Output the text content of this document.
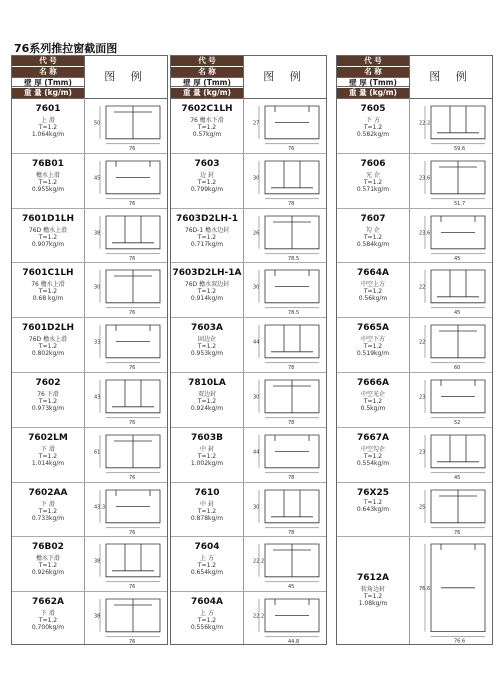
76系列推拉窗截面图
代 号
名 称
壁 厚 (Tmm)
重 量 (kg/m)
图 例
7601
上 滑
T=1.2
1.064kg/m
50
76
76B01
檐水上滑
T=1.2
0.955kg/m
45
76
7601D1LH
76D 檐水上滑
T=1.2
0.907kg/m
38
76
7601C1LH
76 檐水上滑
T=1.2
0.68 kg/m
30
76
7601D2LH
76D 檐水上滑
T=1.2
0.802kg/m
33
76
7602
76 下滑
T=1.2
0.973kg/m
43
76
7602LM
下 滑
T=1.2
1.014kg/m
61
76
7602AA
下 滑
T=1.2
0.733kg/m
43.3
76
76B02
檐水下滑
T=1.2
0.926kg/m
38
76
7662A
下 滑
T=1.2
0.700kg/m
38
76
代 号
名 称
壁 厚 (Tmm)
重 量 (kg/m)
图 例
7602C1LH
76 檐水下滑
T=1.2
0.57kg/m
27
76
7603
边 封
T=1.2
0.799kg/m
30
78
7603D2LH-1
76D-1 檐水边封
T=1.2
0.717kg/m
26
78.5
7603D2LH-1A
76D 檐水双边封
T=1.2
0.914kg/m
30
78.5
7603A
固边企
T=1.2
0.953kg/m
44
78
7810LA
双边封
T=1.2
0.924kg/m
30
78
7603B
中 封
T=1.2
1.002kg/m
44
78
7610
中 封
T=1.2
0.878kg/m
30
78
7604
上 方
T=1.2
0.654kg/m
22.2
45
7604A
上 方
T=1.2
0.556kg/m
22.2
44.8
代 号
名 称
壁 厚 (Tmm)
重 量 (kg/m)
图 例
7605
下 方
T=1.2
0.582kg/m
22.2
59.6
7606
光 企
T=1.2
0.571kg/m
23.6
51.7
7607
勾 企
T=1.2
0.584kg/m
23.6
45
7664A
中空上方
T=1.2
0.56kg/m
22
45
7665A
中空下方
T=1.2
0.519kg/m
22
60
7666A
中空光企
T=1.2
0.5kg/m
23
52
7667A
中空勾企
T=1.2
0.554kg/m
23
45
76X25
T=1.2
0.643kg/m	25
76
7612A
转角边封
T=1.2
1.08kg/m
76.6
76.6
